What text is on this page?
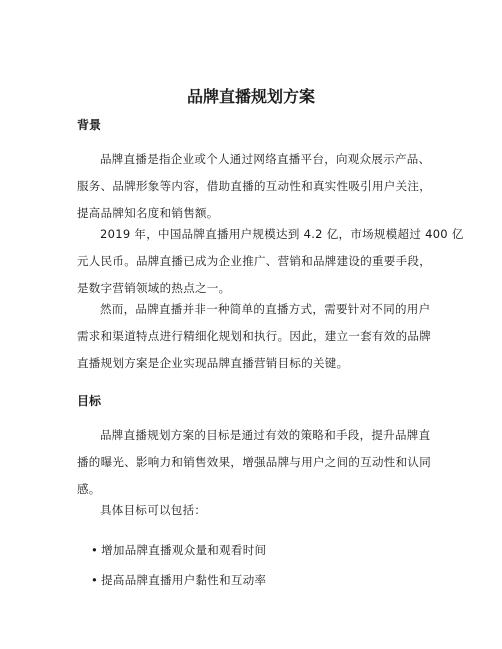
品牌直播规划方案
背景
品牌直播是指企业或个人通过网络直播平台，向观众展示产品、
服务、品牌形象等内容，借助直播的互动性和真实性吸引用户关注，
提高品牌知名度和销售额。
2019 年，中国品牌直播用户规模达到 4.2 亿，市场规模超过 400 亿
元人民币。品牌直播已成为企业推广、营销和品牌建设的重要手段，
是数字营销领域的热点之一。
然而，品牌直播并非一种简单的直播方式，需要针对不同的用户
需求和渠道特点进行精细化规划和执行。因此，建立一套有效的品牌
直播规划方案是企业实现品牌直播营销目标的关键。
目标
品牌直播规划方案的目标是通过有效的策略和手段，提升品牌直
播的曝光、影响力和销售效果，增强品牌与用户之间的互动性和认同
感。
具体目标可以包括：
• 增加品牌直播观众量和观看时间
• 提高品牌直播用户黏性和互动率
